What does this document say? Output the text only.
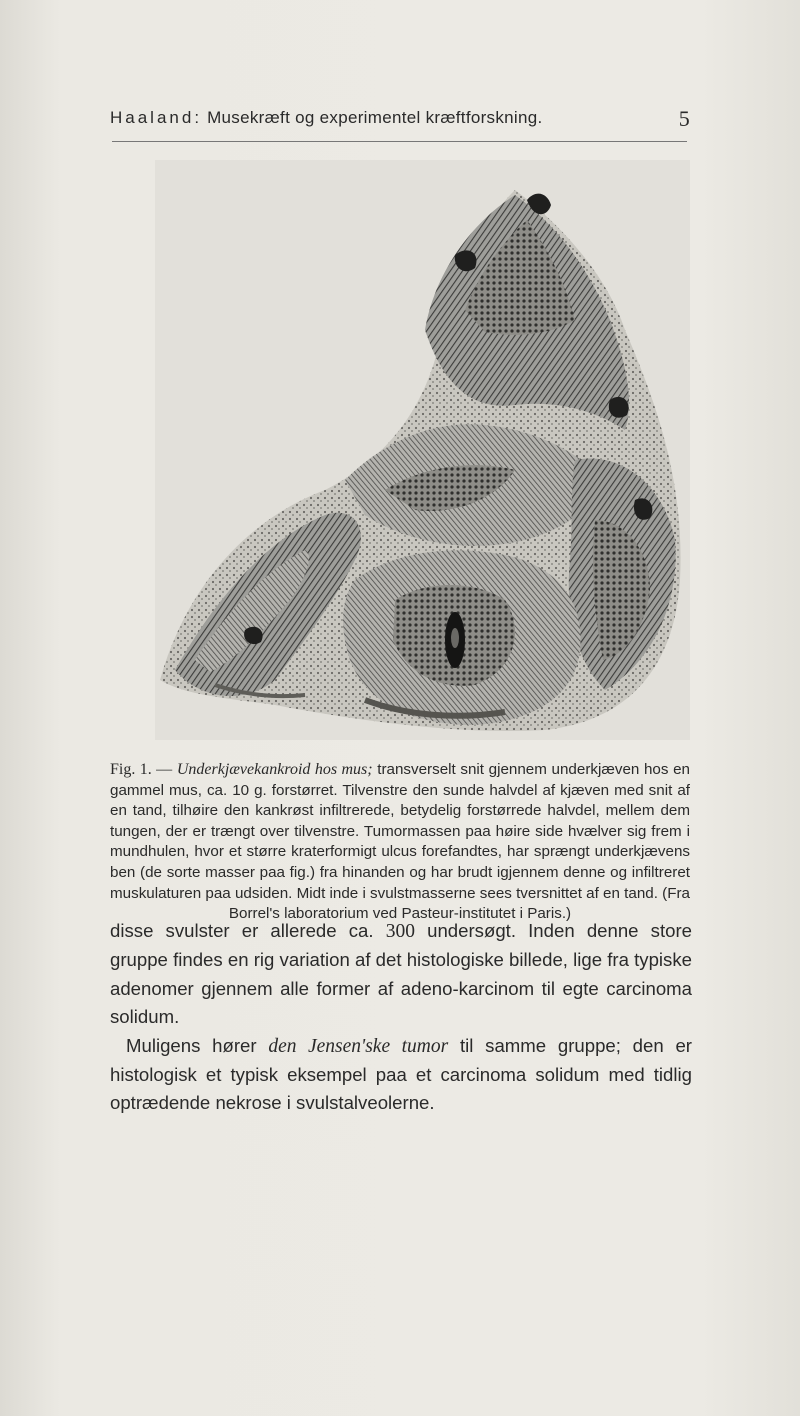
Haaland: Musekræft og experimentel kræftforskning.	5
Fig. 1. — Underkjævekankroid hos mus; transverselt snit gjennem underkjæven hos en gammel mus, ca. 10 g. forstørret. Tilvenstre den sunde halvdel af kjæven med snit af en tand, tilhøire den kankrøst infiltrerede, betydelig forstørrede halvdel, mellem dem tungen, der er trængt over tilvenstre. Tumormassen paa høire side hvælver sig frem i mundhulen, hvor et større kraterformigt ulcus forefandtes, har sprængt underkjævens ben (de sorte masser paa fig.) fra hinanden og har brudt igjennem denne og infiltreret muskulaturen paa udsiden. Midt inde i svulstmasserne sees tversnittet af en tand. (Fra Borrel's laboratorium ved Pasteur-institutet i Paris.)

disse svulster er allerede ca. 300 undersøgt. Inden denne store gruppe findes en rig variation af det histologiske billede, lige fra typiske adenomer gjennem alle former af adeno-karcinom til egte carcinoma solidum.

Muligens hører den Jensen'ske tumor til samme gruppe; den er histologisk et typisk eksempel paa et carcinoma solidum med tidlig optrædende nekrose i svulstalveolerne.
